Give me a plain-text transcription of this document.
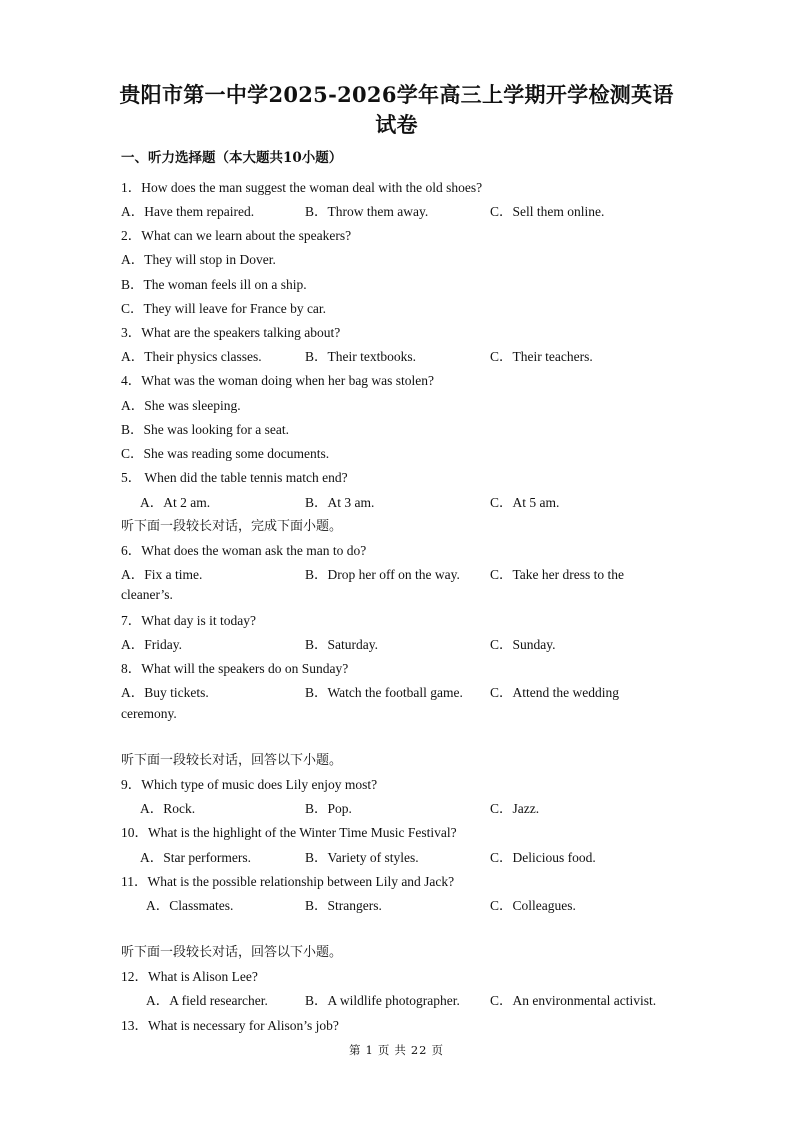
贵阳市第一中学2025-2026学年高三上学期开学检测英语
试卷
一、听力选择题（本大题共10小题）
1．How does the man suggest the woman deal with the old shoes?
A．Have them repaired.	B．Throw them away.	C．Sell them online.
2．What can we learn about the speakers?
A．They will stop in Dover.
B．The woman feels ill on a ship.
C．They will leave for France by car.
3．What are the speakers talking about?
A．Their physics classes.	B．Their textbooks.	C．Their teachers.
4．What was the woman doing when her bag was stolen?
A．She was sleeping.
B．She was looking for a seat.
C．She was reading some documents.
5． When did the table tennis match end?
A．At 2 am.	B．At 3 am.	C．At 5 am.
听下面一段较长对话，完成下面小题。
6．What does the woman ask the man to do?
A．Fix a time.	B．Drop her off on the way. C．Take her dress to the
cleaner’s.
7．What day is it today?
A．Friday.	B．Saturday.	C．Sunday.
8．What will the speakers do on Sunday?
A．Buy tickets.	B．Watch the football game. C．Attend the wedding
ceremony.
听下面一段较长对话，回答以下小题。
9．Which type of music does Lily enjoy most?
A．Rock.	B．Pop.	C．Jazz.
10．What is the highlight of the Winter Time Music Festival?
A．Star performers.	B．Variety of styles.	C．Delicious food.
11．What is the possible relationship between Lily and Jack?
A．Classmates.	B．Strangers.	C．Colleagues.
听下面一段较长对话，回答以下小题。
12．What is Alison Lee?
A．A field researcher.	B．A wildlife photographer. C．An environmental activist.
13．What is necessary for Alison’s job?
第 1 页 共 22 页
